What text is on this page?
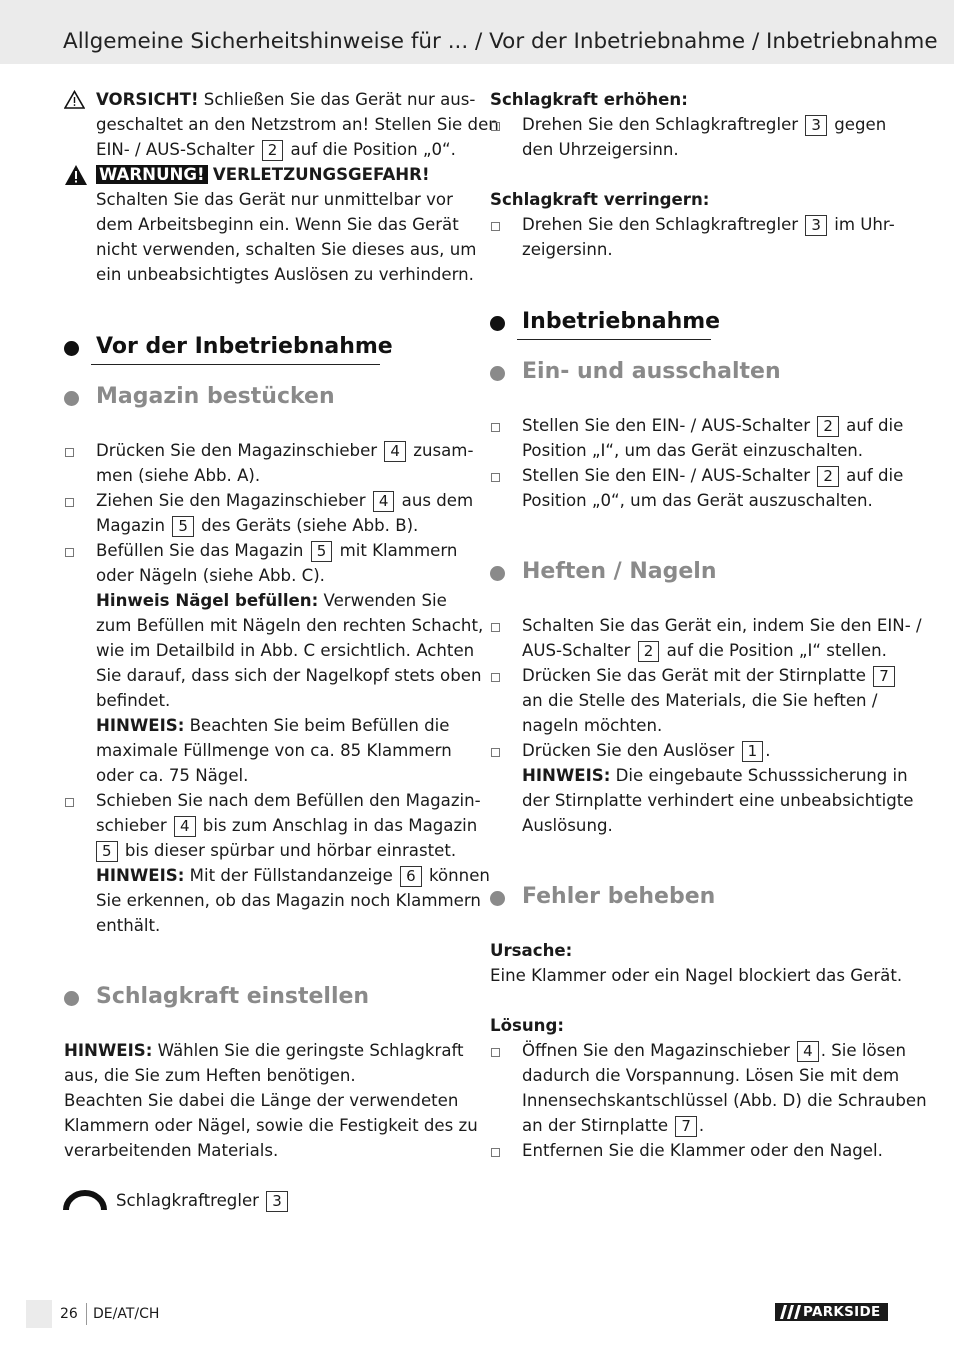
Allgemeine Sicherheitshinweise für ... / Vor der Inbetriebnahme / Inbetriebnahme
VORSICHT! Schließen Sie das Gerät nur aus-
geschaltet an den Netzstrom an! Stellen Sie den
EIN- / AUS-Schalter 2 auf die Position „0“.
WARNUNG! VERLETZUNGSGEFAHR!
Schalten Sie das Gerät nur unmittelbar vor
dem Arbeitsbeginn ein. Wenn Sie das Gerät
nicht verwenden, schalten Sie dieses aus, um
ein unbeabsichtigtes Auslösen zu verhindern.
Vor der Inbetriebnahme
Magazin bestücken
Drücken Sie den Magazinschieber 4 zusam-
men (siehe Abb. A).
Ziehen Sie den Magazinschieber 4 aus dem
Magazin 5 des Geräts (siehe Abb. B).
Befüllen Sie das Magazin 5 mit Klammern
oder Nägeln (siehe Abb. C).
Hinweis Nägel befüllen: Verwenden Sie
zum Befüllen mit Nägeln den rechten Schacht,
wie im Detailbild in Abb. C ersichtlich. Achten
Sie darauf, dass sich der Nagelkopf stets oben
befindet.
HINWEIS: Beachten Sie beim Befüllen die
maximale Füllmenge von ca. 85 Klammern
oder ca. 75 Nägel.
Schieben Sie nach dem Befüllen den Magazin-
schieber 4 bis zum Anschlag in das Magazin
5 bis dieser spürbar und hörbar einrastet.
HINWEIS: Mit der Füllstandanzeige 6 können
Sie erkennen, ob das Magazin noch Klammern
enthält.
Schlagkraft einstellen
HINWEIS: Wählen Sie die geringste Schlagkraft
aus, die Sie zum Heften benötigen.
Beachten Sie dabei die Länge der verwendeten
Klammern oder Nägel, sowie die Festigkeit des zu
verarbeitenden Materials.
Schlagkraftregler 3
Schlagkraft erhöhen:
Drehen Sie den Schlagkraftregler 3 gegen
den Uhrzeigersinn.
Schlagkraft verringern:
Drehen Sie den Schlagkraftregler 3 im Uhr-
zeigersinn.
Inbetriebnahme
Ein- und ausschalten
Stellen Sie den EIN- / AUS-Schalter 2 auf die
Position „I“, um das Gerät einzuschalten.
Stellen Sie den EIN- / AUS-Schalter 2 auf die
Position „0“, um das Gerät auszuschalten.
Heften / Nageln
Schalten Sie das Gerät ein, indem Sie den EIN- /
AUS-Schalter 2 auf die Position „I“ stellen.
Drücken Sie das Gerät mit der Stirnplatte 7
an die Stelle des Materials, die Sie heften /
nageln möchten.
Drücken Sie den Auslöser 1 .
HINWEIS: Die eingebaute Schusssicherung in
der Stirnplatte verhindert eine unbeabsichtigte
Auslösung.
Fehler beheben
Ursache:
Eine Klammer oder ein Nagel blockiert das Gerät.
Lösung:
Öffnen Sie den Magazinschieber 4 . Sie lösen
dadurch die Vorspannung. Lösen Sie mit dem
Innensechskantschlüssel (Abb. D) die Schrauben
an der Stirnplatte 7 .
Entfernen Sie die Klammer oder den Nagel.
26 DE/AT/CH	PARKSIDE
